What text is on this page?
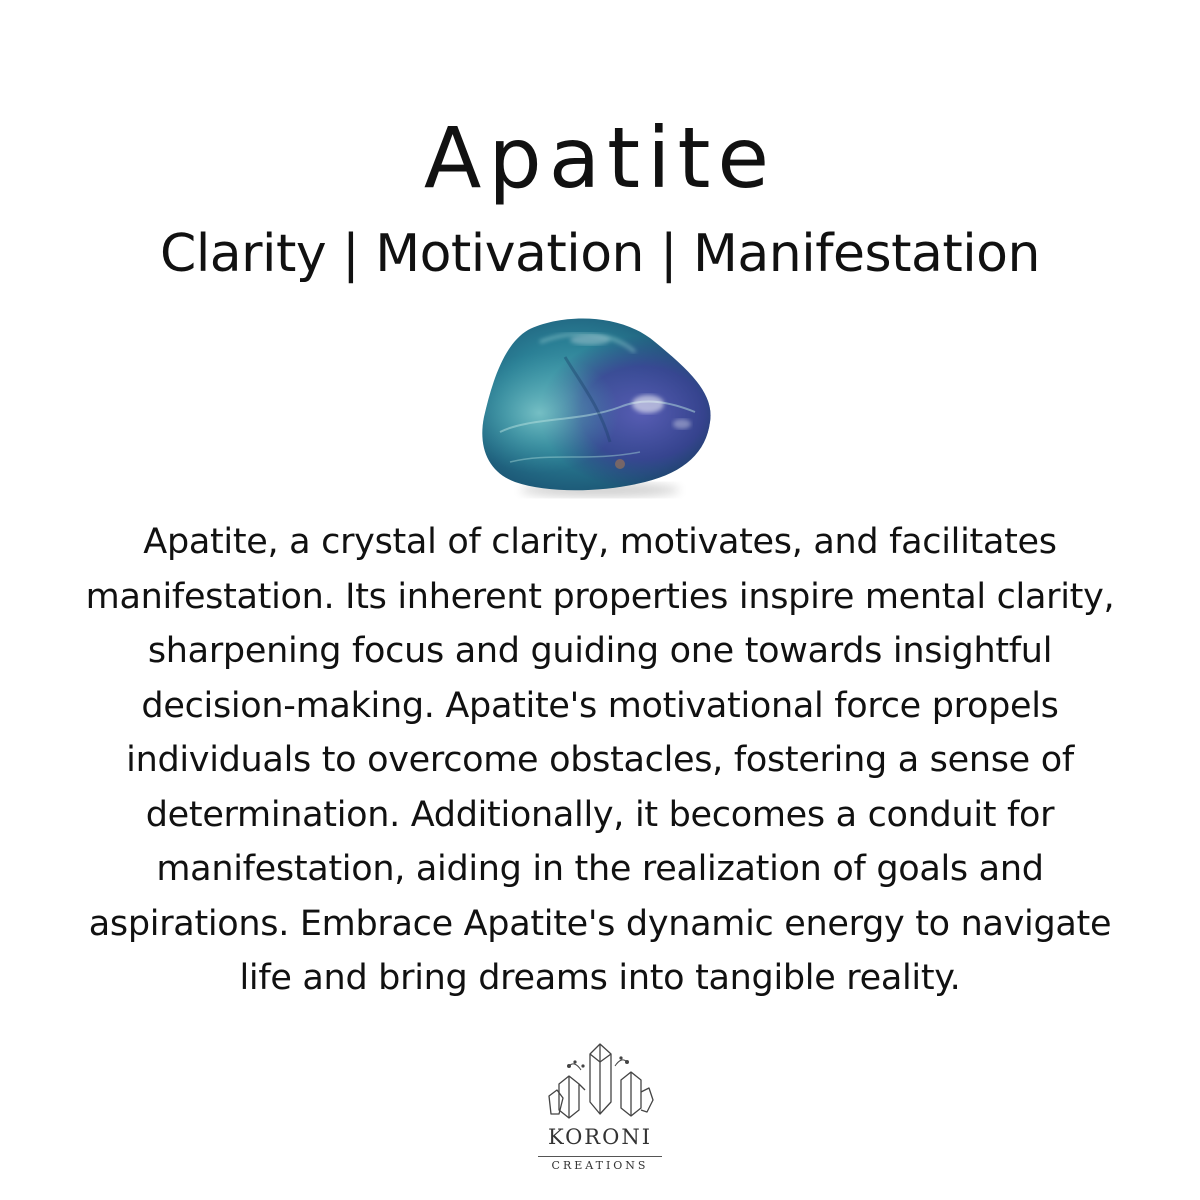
Apatite
Clarity | Motivation | Manifestation
Apatite, a crystal of clarity, motivates, and facilitates manifestation. Its inherent properties inspire mental clarity, sharpening focus and guiding one towards insightful decision-making. Apatite's motivational force propels individuals to overcome obstacles, fostering a sense of determination. Additionally, it becomes a conduit for manifestation, aiding in the realization of goals and aspirations. Embrace Apatite's dynamic energy to navigate life and bring dreams into tangible reality.
KORONI
CREATIONS
